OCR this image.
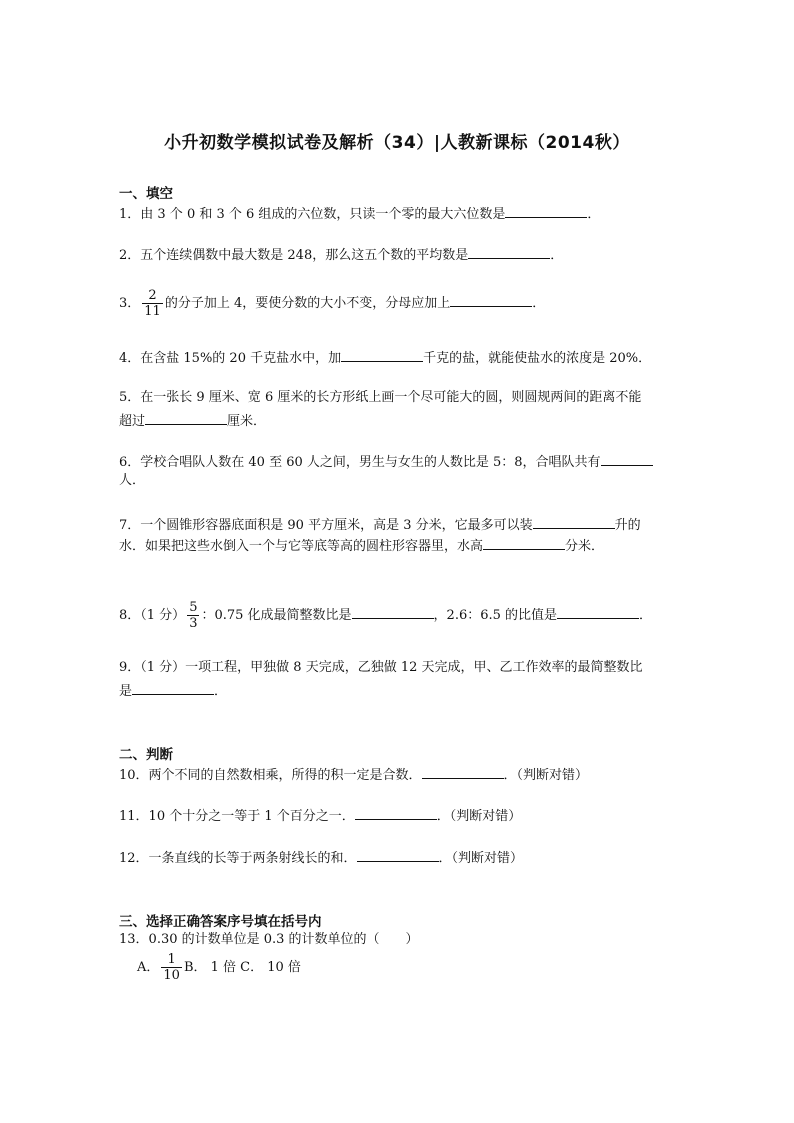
小升初数学模拟试卷及解析（34）|人教新课标（2014秋）
一、填空
1．由 3 个 0 和 3 个 6 组成的六位数，只读一个零的最大六位数是	．
2．五个连续偶数中最大数是 248，那么这五个数的平均数是	．
3． $\frac{2}{11}$ 的分子加上 4，要使分数的大小不变，分母应加上	．
4．在含盐 15%的 20 千克盐水中，加	千克的盐，就能使盐水的浓度是 20%．
5．在一张长 9 厘米、宽 6 厘米的长方形纸上画一个尽可能大的圆，则圆规两间的距离不能
超过	厘米．
6．学校合唱队人数在 40 至 60 人之间，男生与女生的人数比是 5：8，合唱队共有
人．
7．一个圆锥形容器底面积是 90 平方厘米，高是 3 分米，它最多可以装	升的
水．如果把这些水倒入一个与它等底等高的圆柱形容器里，水高	分米．
8．（1 分） $\frac{5}{3}$ ：0.75 化成最简整数比是	，2.6：6.5 的比值是	．
9．（1 分）一项工程，甲独做 8 天完成，乙独做 12 天完成，甲、乙工作效率的最简整数比
是	．
二、判断
10．两个不同的自然数相乘，所得的积一定是合数．	．（判断对错）
11．10 个十分之一等于 1 个百分之一．	．（判断对错）
12．一条直线的长等于两条射线长的和．	．（判断对错）
三、选择正确答案序号填在括号内
13．0.30 的计数单位是 0.3 的计数单位的（　　）
A． $\frac{1}{10}$ B． 1 倍 C． 10 倍
